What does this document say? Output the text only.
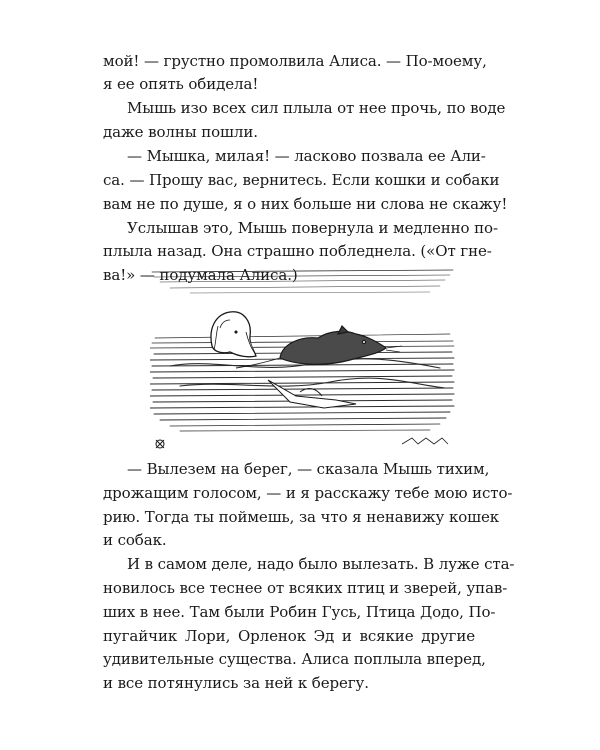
мой! — грустно промолвила Алиса. — По-моему,
я ее опять обидела!
Мышь изо всех сил плыла от нее прочь, по воде
даже волны пошли.
— Мышка, милая! — ласково позвала ее Али-
са. — Прошу вас, вернитесь. Если кошки и собаки
вам не по душе, я о них больше ни слова не скажу!
Услышав это, Мышь повернула и медленно по-
плыла назад. Она страшно побледнела. («От гне-
ва!» — подумала Алиса.)
— Вылезем на берег, — сказала Мышь тихим,
дрожащим голосом, — и я расскажу тебе мою исто-
рию. Тогда ты поймешь, за что я ненавижу кошек
и собак.
И в самом деле, надо было вылезать. В луже ста-
новилось все теснее от всяких птиц и зверей, упав-
ших в нее. Там были Робин Гусь, Птица Додо, По-
пугайчик Лори, Орленок Эд и всякие другие
удивительные существа. Алиса поплыла вперед,
и все потянулись за ней к берегу.
